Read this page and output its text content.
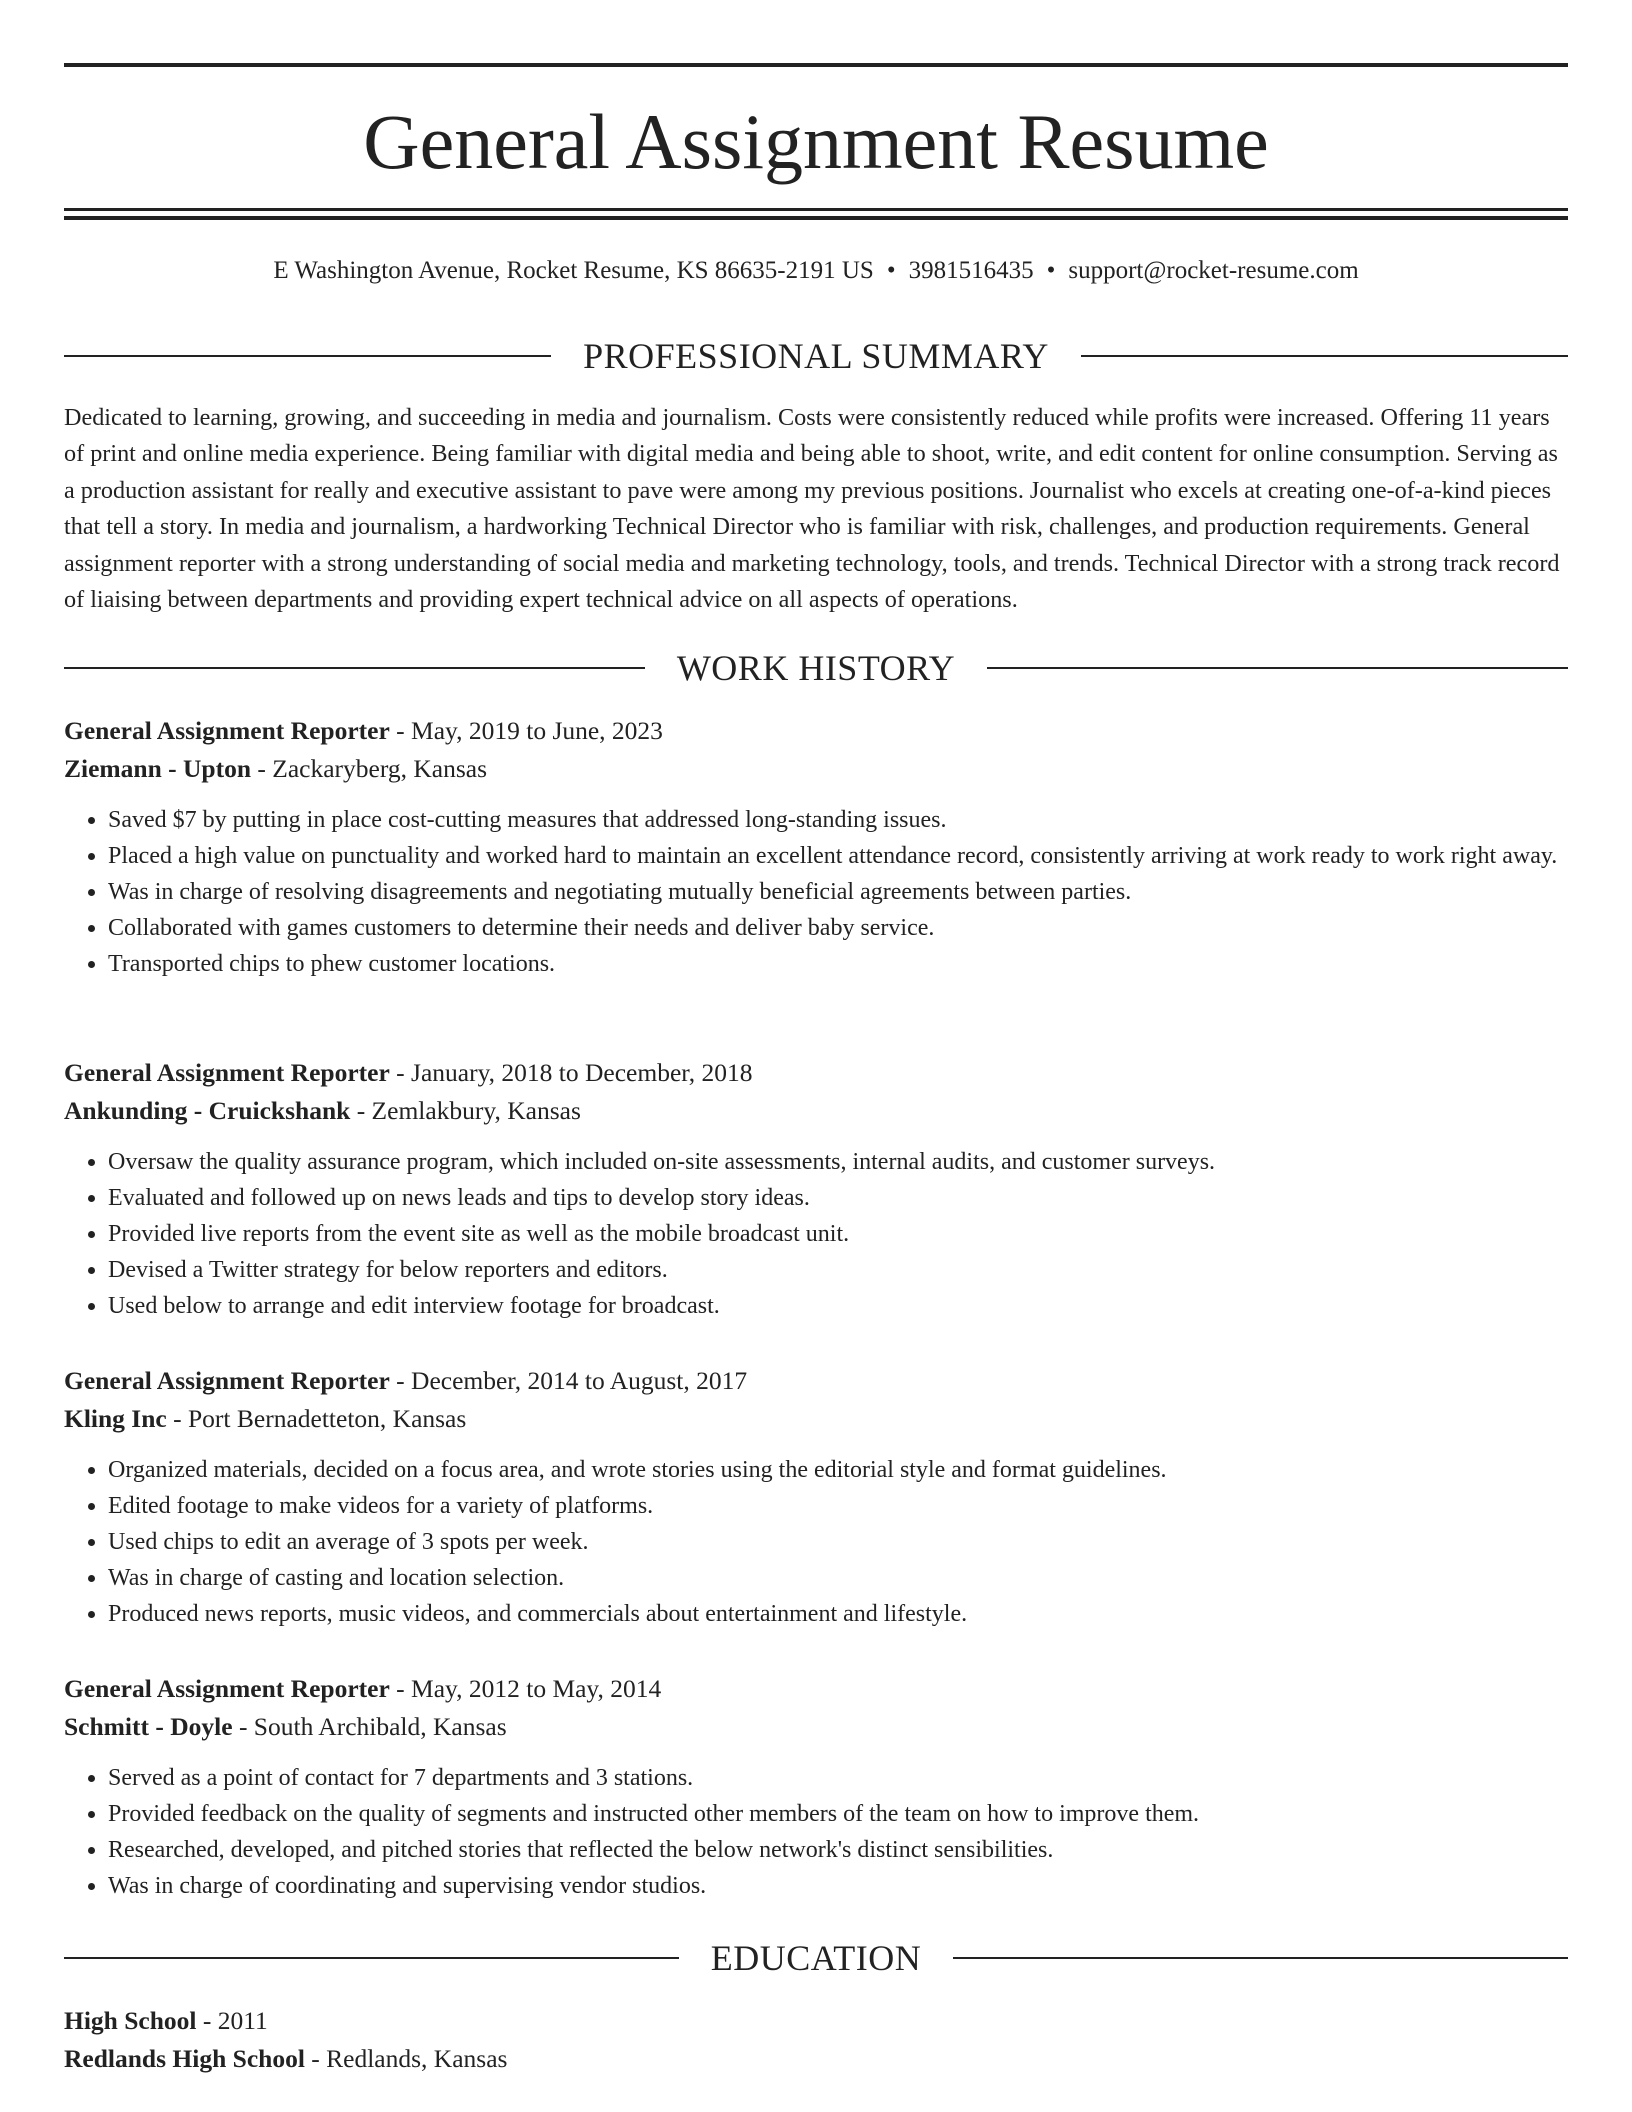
General Assignment Resume
E Washington Avenue, Rocket Resume, KS 86635-2191 US • 3981516435 • support@rocket-resume.com
PROFESSIONAL SUMMARY

Dedicated to learning, growing, and succeeding in media and journalism. Costs were consistently reduced while profits were increased. Offering 11 years of print and online media experience. Being familiar with digital media and being able to shoot, write, and edit content for online consumption. Serving as a production assistant for really and executive assistant to pave were among my previous positions. Journalist who excels at creating one-of-a-kind pieces that tell a story. In media and journalism, a hardworking Technical Director who is familiar with risk, challenges, and production requirements. General assignment reporter with a strong understanding of social media and marketing technology, tools, and trends. Technical Director with a strong track record of liaising between departments and providing expert technical advice on all aspects of operations.

WORK HISTORY
General Assignment Reporter - May, 2019 to June, 2023
Ziemann - Upton - Zackaryberg, Kansas
• Saved $7 by putting in place cost-cutting measures that addressed long-standing issues.
• Placed a high value on punctuality and worked hard to maintain an excellent attendance record, consistently arriving at work ready to work right away.
• Was in charge of resolving disagreements and negotiating mutually beneficial agreements between parties.
• Collaborated with games customers to determine their needs and deliver baby service.
• Transported chips to phew customer locations.
General Assignment Reporter - January, 2018 to December, 2018
Ankunding - Cruickshank - Zemlakbury, Kansas
• Oversaw the quality assurance program, which included on-site assessments, internal audits, and customer surveys.
• Evaluated and followed up on news leads and tips to develop story ideas.
• Provided live reports from the event site as well as the mobile broadcast unit.
• Devised a Twitter strategy for below reporters and editors.
• Used below to arrange and edit interview footage for broadcast.
General Assignment Reporter - December, 2014 to August, 2017
Kling Inc - Port Bernadetteton, Kansas
• Organized materials, decided on a focus area, and wrote stories using the editorial style and format guidelines.
• Edited footage to make videos for a variety of platforms.
• Used chips to edit an average of 3 spots per week.
• Was in charge of casting and location selection.
• Produced news reports, music videos, and commercials about entertainment and lifestyle.
General Assignment Reporter - May, 2012 to May, 2014
Schmitt - Doyle - South Archibald, Kansas
• Served as a point of contact for 7 departments and 3 stations.
• Provided feedback on the quality of segments and instructed other members of the team on how to improve them.
• Researched, developed, and pitched stories that reflected the below network's distinct sensibilities.
• Was in charge of coordinating and supervising vendor studios.
EDUCATION
High School - 2011
Redlands High School - Redlands, Kansas
